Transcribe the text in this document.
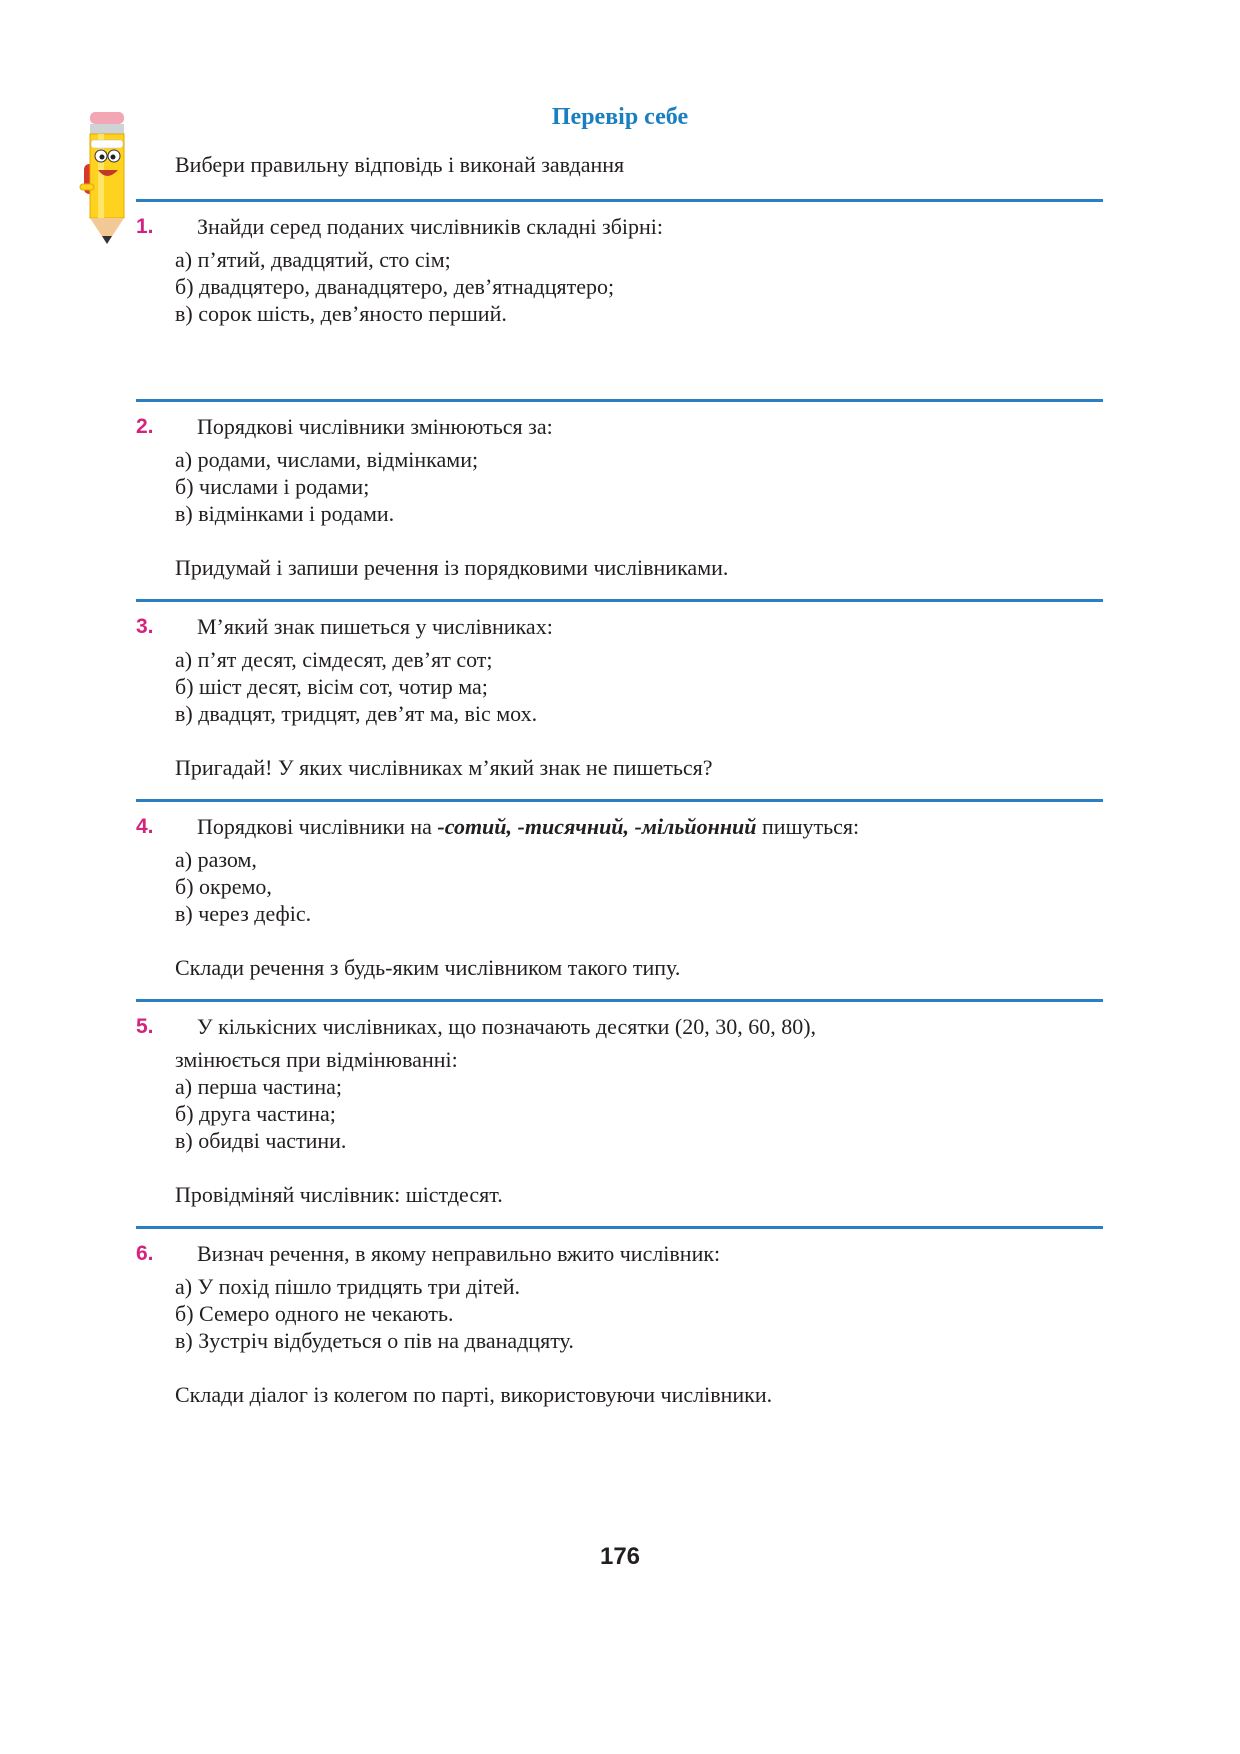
Перевір себе
Вибери правильну відповідь і виконай завдання
1.	Знайди серед поданих числівників складні збірні:
а) п’ятий, двадцятий, сто сім;
б) двадцятеро, дванадцятеро, дев’ятнадцятеро;
в) сорок шість, дев’яносто перший.
2.	Порядкові числівники змінюються за:
а) родами, числами, відмінками;
б) числами і родами;
в) відмінками і родами.
Придумай і запиши речення із порядковими числівниками.
3.	М’який знак пишеться у числівниках:
а) п’ят десят, сімдесят, дев’ят сот;
б) шіст десят, вісім сот, чотир ма;
в) двадцят, тридцят, дев’ят ма, віс мох.
Пригадай! У яких числівниках м’який знак не пишеться?
4.	Порядкові числівники на -сотий, -тисячний, -мільйонний пишуться:
а) разом,
б) окремо,
в) через дефіс.
Склади речення з будь-яким числівником такого типу.
5.	У кількісних числівниках, що позначають десятки (20, 30, 60, 80),
змінюється при відмінюванні:
а) перша частина;
б) друга частина;
в) обидві частини.
Провідміняй числівник: шістдесят.
6.	Визнач речення, в якому неправильно вжито числівник:
а) У похід пішло тридцять три дітей.
б) Семеро одного не чекають.
в) Зустріч відбудеться о пів на дванадцяту.
Склади діалог із колегом по парті, використовуючи числівники.
176
